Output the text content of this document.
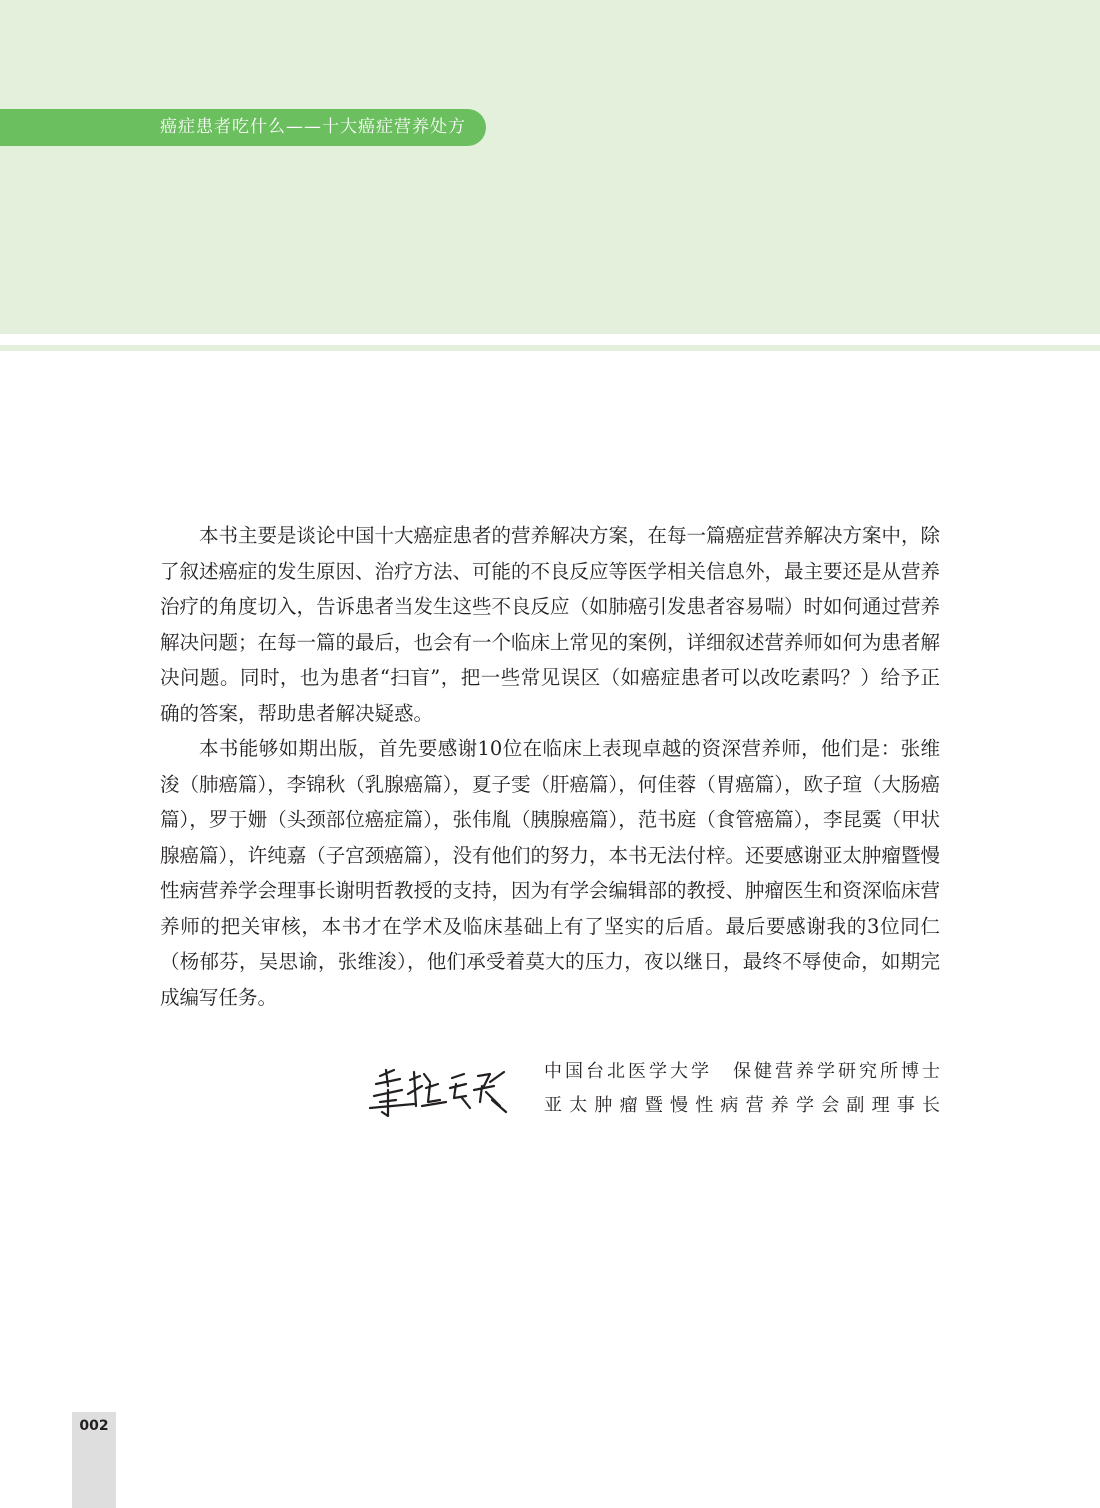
癌症患者吃什么——十大癌症营养处方

本书主要是谈论中国十大癌症患者的营养解决方案，在每一篇癌症营养解决方案中，除了叙述癌症的发生原因、治疗方法、可能的不良反应等医学相关信息外，最主要还是从营养治疗的角度切入，告诉患者当发生这些不良反应（如肺癌引发患者容易喘）时如何通过营养解决问题；在每一篇的最后，也会有一个临床上常见的案例，详细叙述营养师如何为患者解决问题。同时，也为患者“扫盲”，把一些常见误区（如癌症患者可以改吃素吗？）给予正确的答案，帮助患者解决疑惑。

本书能够如期出版，首先要感谢10位在临床上表现卓越的资深营养师，他们是：张维浚（肺癌篇），李锦秋（乳腺癌篇），夏子雯（肝癌篇），何佳蓉（胃癌篇），欧子瑄（大肠癌篇），罗于姗（头颈部位癌症篇），张伟胤（胰腺癌篇），范书庭（食管癌篇），李昆霙（甲状腺癌篇），许纯嘉（子宫颈癌篇），没有他们的努力，本书无法付梓。还要感谢亚太肿瘤暨慢性病营养学会理事长谢明哲教授的支持，因为有学会编辑部的教授、肿瘤医生和资深临床营养师的把关审核，本书才在学术及临床基础上有了坚实的后盾。最后要感谢我的3位同仁（杨郁芬，吴思谕，张维浚），他们承受着莫大的压力，夜以继日，最终不辱使命，如期完成编写任务。

中国台北医学大学　保健营养学研究所博士
亚太肿瘤暨慢性病营养学会副理事长
002
